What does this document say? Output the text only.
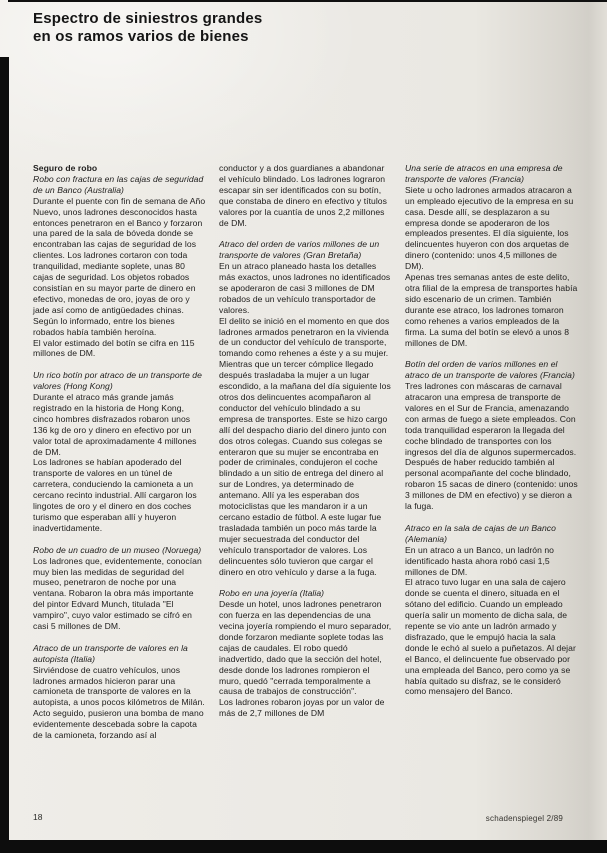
Espectro de siniestros grandes
en os ramos varios de bienes

Seguro de robo

Robo con fractura en las cajas de seguridad de un Banco (Australia)

Durante el puente con fin de semana de Año Nuevo, unos ladrones desconocidos hasta entonces penetraron en el Banco y forzaron una pared de la sala de bóveda donde se encontraban las cajas de seguridad de los clientes. Los ladrones cortaron con toda tranquilidad, mediante soplete, unas 80 cajas de seguridad. Los objetos robados consistían en su mayor parte de dinero en efectivo, monedas de oro, joyas de oro y jade así como de antigüedades chinas. Según lo informado, entre los bienes robados había también heroína.

El valor estimado del botín se cifra en 115 millones de DM.

Un rico botín por atraco de un transporte de valores (Hong Kong)

Durante el atraco más grande jamás registrado en la historia de Hong Kong, cinco hombres disfrazados robaron unos 136 kg de oro y dinero en efectivo por un valor total de aproximadamente 4 millones de DM.

Los ladrones se habían apoderado del transporte de valores en un túnel de carretera, conduciendo la camioneta a un cercano recinto industrial. Allí cargaron los lingotes de oro y el dinero en dos coches turismo que esperaban allí y huyeron inadvertidamente.

Robo de un cuadro de un museo (Noruega)

Los ladrones que, evidentemente, conocían muy bien las medidas de seguridad del museo, penetraron de noche por una ventana. Robaron la obra más importante del pintor Edvard Munch, titulada "El vampiro", cuyo valor estimado se cifró en casi 5 millones de DM.

Atraco de un transporte de valores en la autopista (Italia)

Sirviéndose de cuatro vehículos, unos ladrones armados hicieron parar una camioneta de transporte de valores en la autopista, a unos pocos kilómetros de Milán. Acto seguido, pusieron una bomba de mano evidentemente descebada sobre la capota de la camioneta, forzando así al

conductor y a dos guardianes a abandonar el vehículo blindado. Los ladrones lograron escapar sin ser identificados con su botín, que constaba de dinero en efectivo y títulos valores por la cuantía de unos 2,2 millones de DM.

Atraco del orden de varios millones de un transporte de valores (Gran Bretaña)

En un atraco planeado hasta los detalles más exactos, unos ladrones no identificados se apoderaron de casi 3 millones de DM robados de un vehículo transportador de valores.

El delito se inició en el momento en que dos ladrones armados penetraron en la vivienda de un conductor del vehículo de transporte, tomando como rehenes a éste y a su mujer. Mientras que un tercer cómplice llegado después trasladaba la mujer a un lugar escondido, a la mañana del día siguiente los otros dos delincuentes acompañaron al conductor del vehículo blindado a su empresa de transportes. Este se hizo cargo allí del despacho diario del dinero junto con dos otros colegas. Cuando sus colegas se enteraron que su mujer se encontraba en poder de criminales, condujeron el coche blindado a un sitio de entrega del dinero al sur de Londres, ya determinado de antemano. Allí ya les esperaban dos motociclistas que les mandaron ir a un cercano estadio de fútbol. A este lugar fue trasladada también un poco más tarde la mujer secuestrada del conductor del vehículo transportador de valores. Los delincuentes sólo tuvieron que cargar el dinero en otro vehículo y darse a la fuga.

Robo en una joyería (Italia)

Desde un hotel, unos ladrones penetraron con fuerza en las dependencias de una vecina joyería rompiendo el muro separador, donde forzaron mediante soplete todas las cajas de caudales. El robo quedó inadvertido, dado que la sección del hotel, desde donde los ladrones rompieron el muro, quedó "cerrada temporalmente a causa de trabajos de construcción".

Los ladrones robaron joyas por un valor de más de 2,7 millones de DM

Una serie de atracos en una empresa de transporte de valores (Francia)

Siete u ocho ladrones armados atracaron a un empleado ejecutivo de la empresa en su casa. Desde allí, se desplazaron a su empresa donde se apoderaron de los empleados presentes. El día siguiente, los delincuentes huyeron con dos arquetas de dinero (contenido: unos 4,5 millones de DM).

Apenas tres semanas antes de este delito, otra filial de la empresa de transportes había sido escenario de un crimen. También durante ese atraco, los ladrones tomaron como rehenes a varios empleados de la firma. La suma del botín se elevó a unos 8 millones de DM.

Botín del orden de varios millones en el atraco de un transporte de valores (Francia)

Tres ladrones con máscaras de carnaval atracaron una empresa de transporte de valores en el Sur de Francia, amenazando con armas de fuego a siete empleados. Con toda tranquilidad esperaron la llegada del coche blindado de transportes con los ingresos del día de algunos supermercados. Después de haber reducido también al personal acompañante del coche blindado, robaron 15 sacas de dinero (contenido: unos 3 millones de DM en efectivo) y se dieron a la fuga.

Atraco en la sala de cajas de un Banco (Alemania)

En un atraco a un Banco, un ladrón no identificado hasta ahora robó casi 1,5 millones de DM.

El atraco tuvo lugar en una sala de cajero donde se cuenta el dinero, situada en el sótano del edificio. Cuando un empleado quería salir un momento de dicha sala, de repente se vio ante un ladrón armado y disfrazado, que le empujó hacia la sala donde le echó al suelo a puñetazos. Al dejar el Banco, el delincuente fue observado por una empleada del Banco, pero como ya se había quitado su disfraz, se le consideró como mensajero del Banco.

18	schadenspiegel 2/89
